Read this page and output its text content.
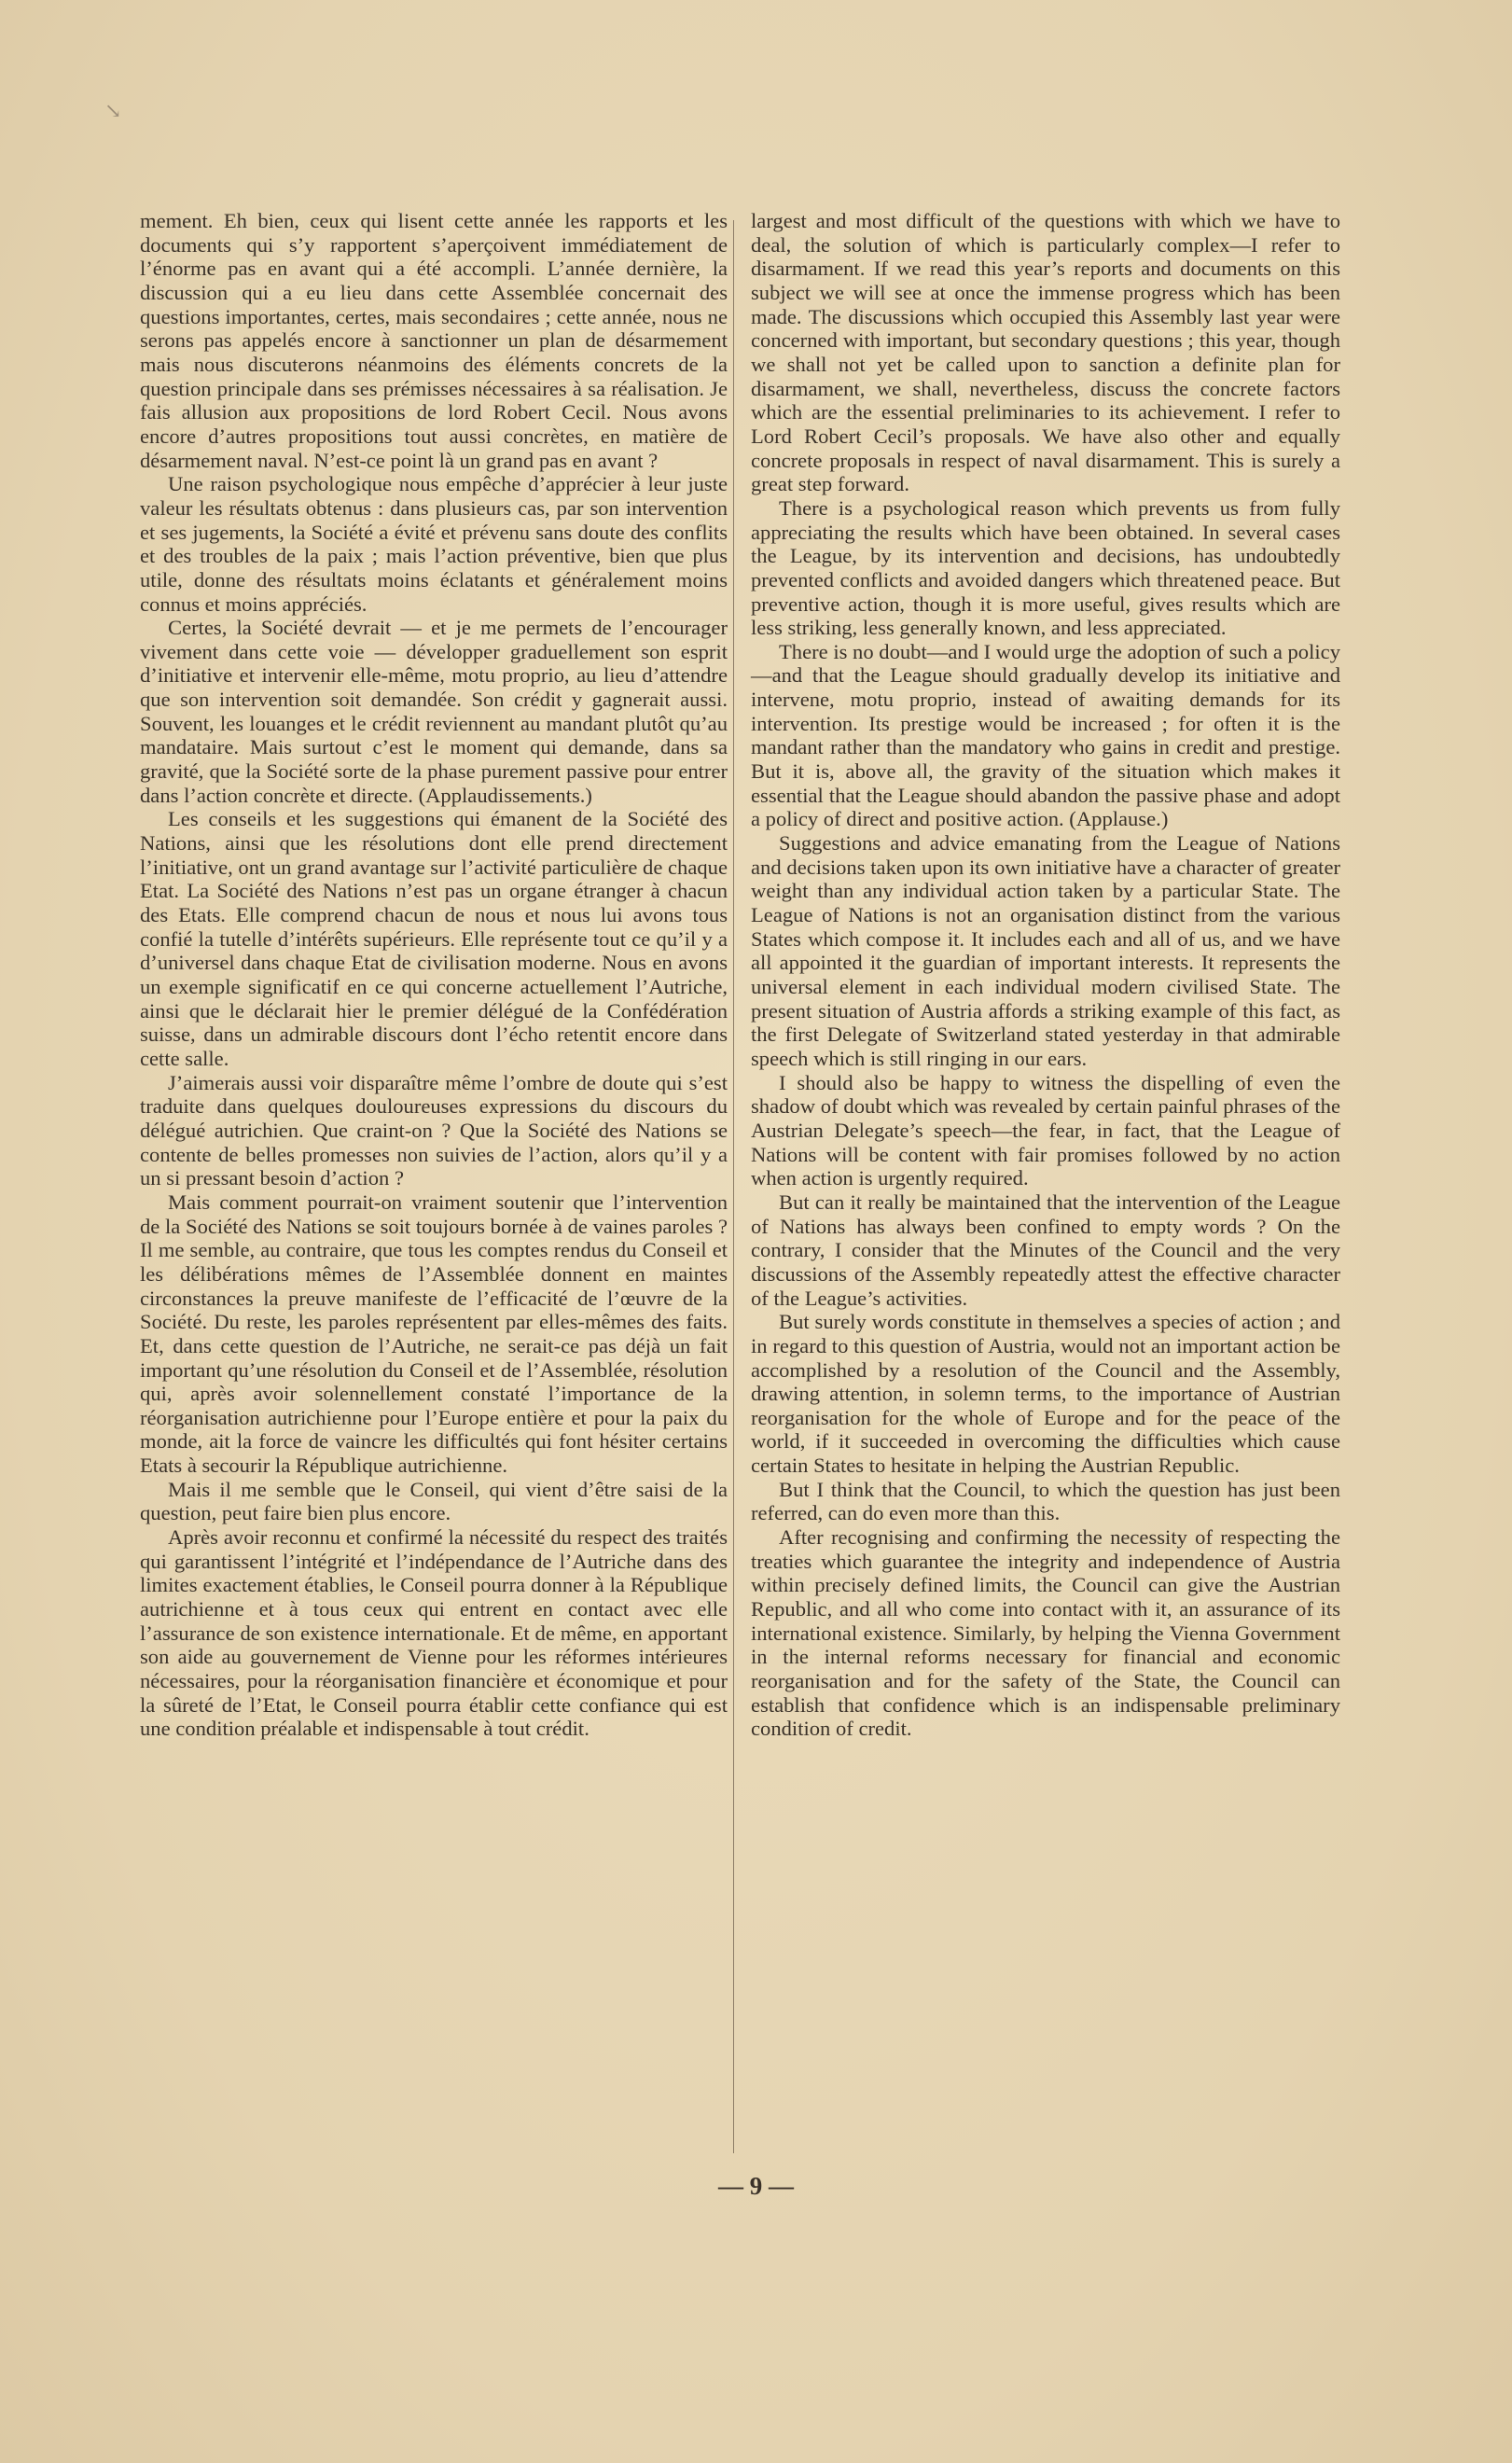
↘

mement. Eh bien, ceux qui lisent cette année les rapports et les documents qui s’y rapportent s’aperçoivent immédiatement de l’énorme pas en avant qui a été accompli. L’année dernière, la discussion qui a eu lieu dans cette Assemblée concernait des questions importantes, certes, mais secondaires ; cette année, nous ne serons pas appelés encore à sanctionner un plan de désarmement mais nous discuterons néanmoins des éléments concrets de la question principale dans ses prémisses nécessaires à sa réalisation. Je fais allusion aux propositions de lord Robert Cecil. Nous avons encore d’autres propositions tout aussi concrètes, en matière de désarmement naval. N’est-ce point là un grand pas en avant ?

Une raison psychologique nous empêche d’apprécier à leur juste valeur les résultats obtenus : dans plusieurs cas, par son intervention et ses jugements, la Société a évité et prévenu sans doute des conflits et des troubles de la paix ; mais l’action préventive, bien que plus utile, donne des résultats moins éclatants et généralement moins connus et moins appréciés.

Certes, la Société devrait — et je me permets de l’encourager vivement dans cette voie — développer graduellement son esprit d’initiative et intervenir elle-même, motu proprio, au lieu d’attendre que son intervention soit demandée. Son crédit y gagnerait aussi. Souvent, les louanges et le crédit reviennent au mandant plutôt qu’au mandataire. Mais surtout c’est le moment qui demande, dans sa gravité, que la Société sorte de la phase purement passive pour entrer dans l’action concrète et directe. (Applaudissements.)

Les conseils et les suggestions qui émanent de la Société des Nations, ainsi que les résolutions dont elle prend directement l’initiative, ont un grand avantage sur l’activité particulière de chaque Etat. La Société des Nations n’est pas un organe étranger à chacun des Etats. Elle comprend chacun de nous et nous lui avons tous confié la tutelle d’intérêts supérieurs. Elle représente tout ce qu’il y a d’universel dans chaque Etat de civilisation moderne. Nous en avons un exemple significatif en ce qui concerne actuellement l’Autriche, ainsi que le déclarait hier le premier délégué de la Confédération suisse, dans un admirable discours dont l’écho retentit encore dans cette salle.

J’aimerais aussi voir disparaître même l’ombre de doute qui s’est traduite dans quelques douloureuses expressions du discours du délégué autrichien. Que craint-on ? Que la Société des Nations se contente de belles promesses non suivies de l’action, alors qu’il y a un si pressant besoin d’action ?

Mais comment pourrait-on vraiment soutenir que l’intervention de la Société des Nations se soit toujours bornée à de vaines paroles ? Il me semble, au contraire, que tous les comptes rendus du Conseil et les délibérations mêmes de l’Assemblée donnent en maintes circonstances la preuve manifeste de l’efficacité de l’œuvre de la Société. Du reste, les paroles représentent par elles-mêmes des faits. Et, dans cette question de l’Autriche, ne serait-ce pas déjà un fait important qu’une résolution du Conseil et de l’Assemblée, résolution qui, après avoir solennellement constaté l’importance de la réorganisation autrichienne pour l’Europe entière et pour la paix du monde, ait la force de vaincre les difficultés qui font hésiter certains Etats à secourir la République autrichienne.

Mais il me semble que le Conseil, qui vient d’être saisi de la question, peut faire bien plus encore.

Après avoir reconnu et confirmé la nécessité du respect des traités qui garantissent l’intégrité et l’indépendance de l’Autriche dans des limites exactement établies, le Conseil pourra donner à la République autrichienne et à tous ceux qui entrent en contact avec elle l’assurance de son existence internationale. Et de même, en apportant son aide au gouvernement de Vienne pour les réformes intérieures nécessaires, pour la réorganisation financière et économique et pour la sûreté de l’Etat, le Conseil pourra établir cette confiance qui est une condition préalable et indispensable à tout crédit.

largest and most difficult of the questions with which we have to deal, the solution of which is particularly complex—I refer to disarmament. If we read this year’s reports and documents on this subject we will see at once the immense progress which has been made. The discussions which occupied this Assembly last year were concerned with important, but secondary questions ; this year, though we shall not yet be called upon to sanction a definite plan for disarmament, we shall, nevertheless, discuss the concrete factors which are the essential preliminaries to its achievement. I refer to Lord Robert Cecil’s proposals. We have also other and equally concrete proposals in respect of naval disarmament. This is surely a great step forward.

There is a psychological reason which prevents us from fully appreciating the results which have been obtained. In several cases the League, by its intervention and decisions, has undoubtedly prevented conflicts and avoided dangers which threatened peace. But preventive action, though it is more useful, gives results which are less striking, less generally known, and less appreciated.

There is no doubt—and I would urge the adoption of such a policy—and that the League should gradually develop its initiative and intervene, motu proprio, instead of awaiting demands for its intervention. Its prestige would be increased ; for often it is the mandant rather than the mandatory who gains in credit and prestige. But it is, above all, the gravity of the situation which makes it essential that the League should abandon the passive phase and adopt a policy of direct and positive action. (Applause.)

Suggestions and advice emanating from the League of Nations and decisions taken upon its own initiative have a character of greater weight than any individual action taken by a particular State. The League of Nations is not an organisation distinct from the various States which compose it. It includes each and all of us, and we have all appointed it the guardian of important interests. It represents the universal element in each individual modern civilised State. The present situation of Austria affords a striking example of this fact, as the first Delegate of Switzerland stated yesterday in that admirable speech which is still ringing in our ears.

I should also be happy to witness the dispelling of even the shadow of doubt which was revealed by certain painful phrases of the Austrian Delegate’s speech—the fear, in fact, that the League of Nations will be content with fair promises followed by no action when action is urgently required.

But can it really be maintained that the intervention of the League of Nations has always been confined to empty words ? On the contrary, I consider that the Minutes of the Council and the very discussions of the Assembly repeatedly attest the effective character of the League’s activities.

But surely words constitute in themselves a species of action ; and in regard to this question of Austria, would not an important action be accomplished by a resolution of the Council and the Assembly, drawing attention, in solemn terms, to the importance of Austrian reorganisation for the whole of Europe and for the peace of the world, if it succeeded in overcoming the difficulties which cause certain States to hesitate in helping the Austrian Republic.

But I think that the Council, to which the question has just been referred, can do even more than this.

After recognising and confirming the necessity of respecting the treaties which guarantee the integrity and independence of Austria within precisely defined limits, the Council can give the Austrian Republic, and all who come into contact with it, an assurance of its international existence. Similarly, by helping the Vienna Government in the internal reforms necessary for financial and economic reorganisation and for the safety of the State, the Council can establish that confidence which is an indispensable preliminary condition of credit.

— 9 —
